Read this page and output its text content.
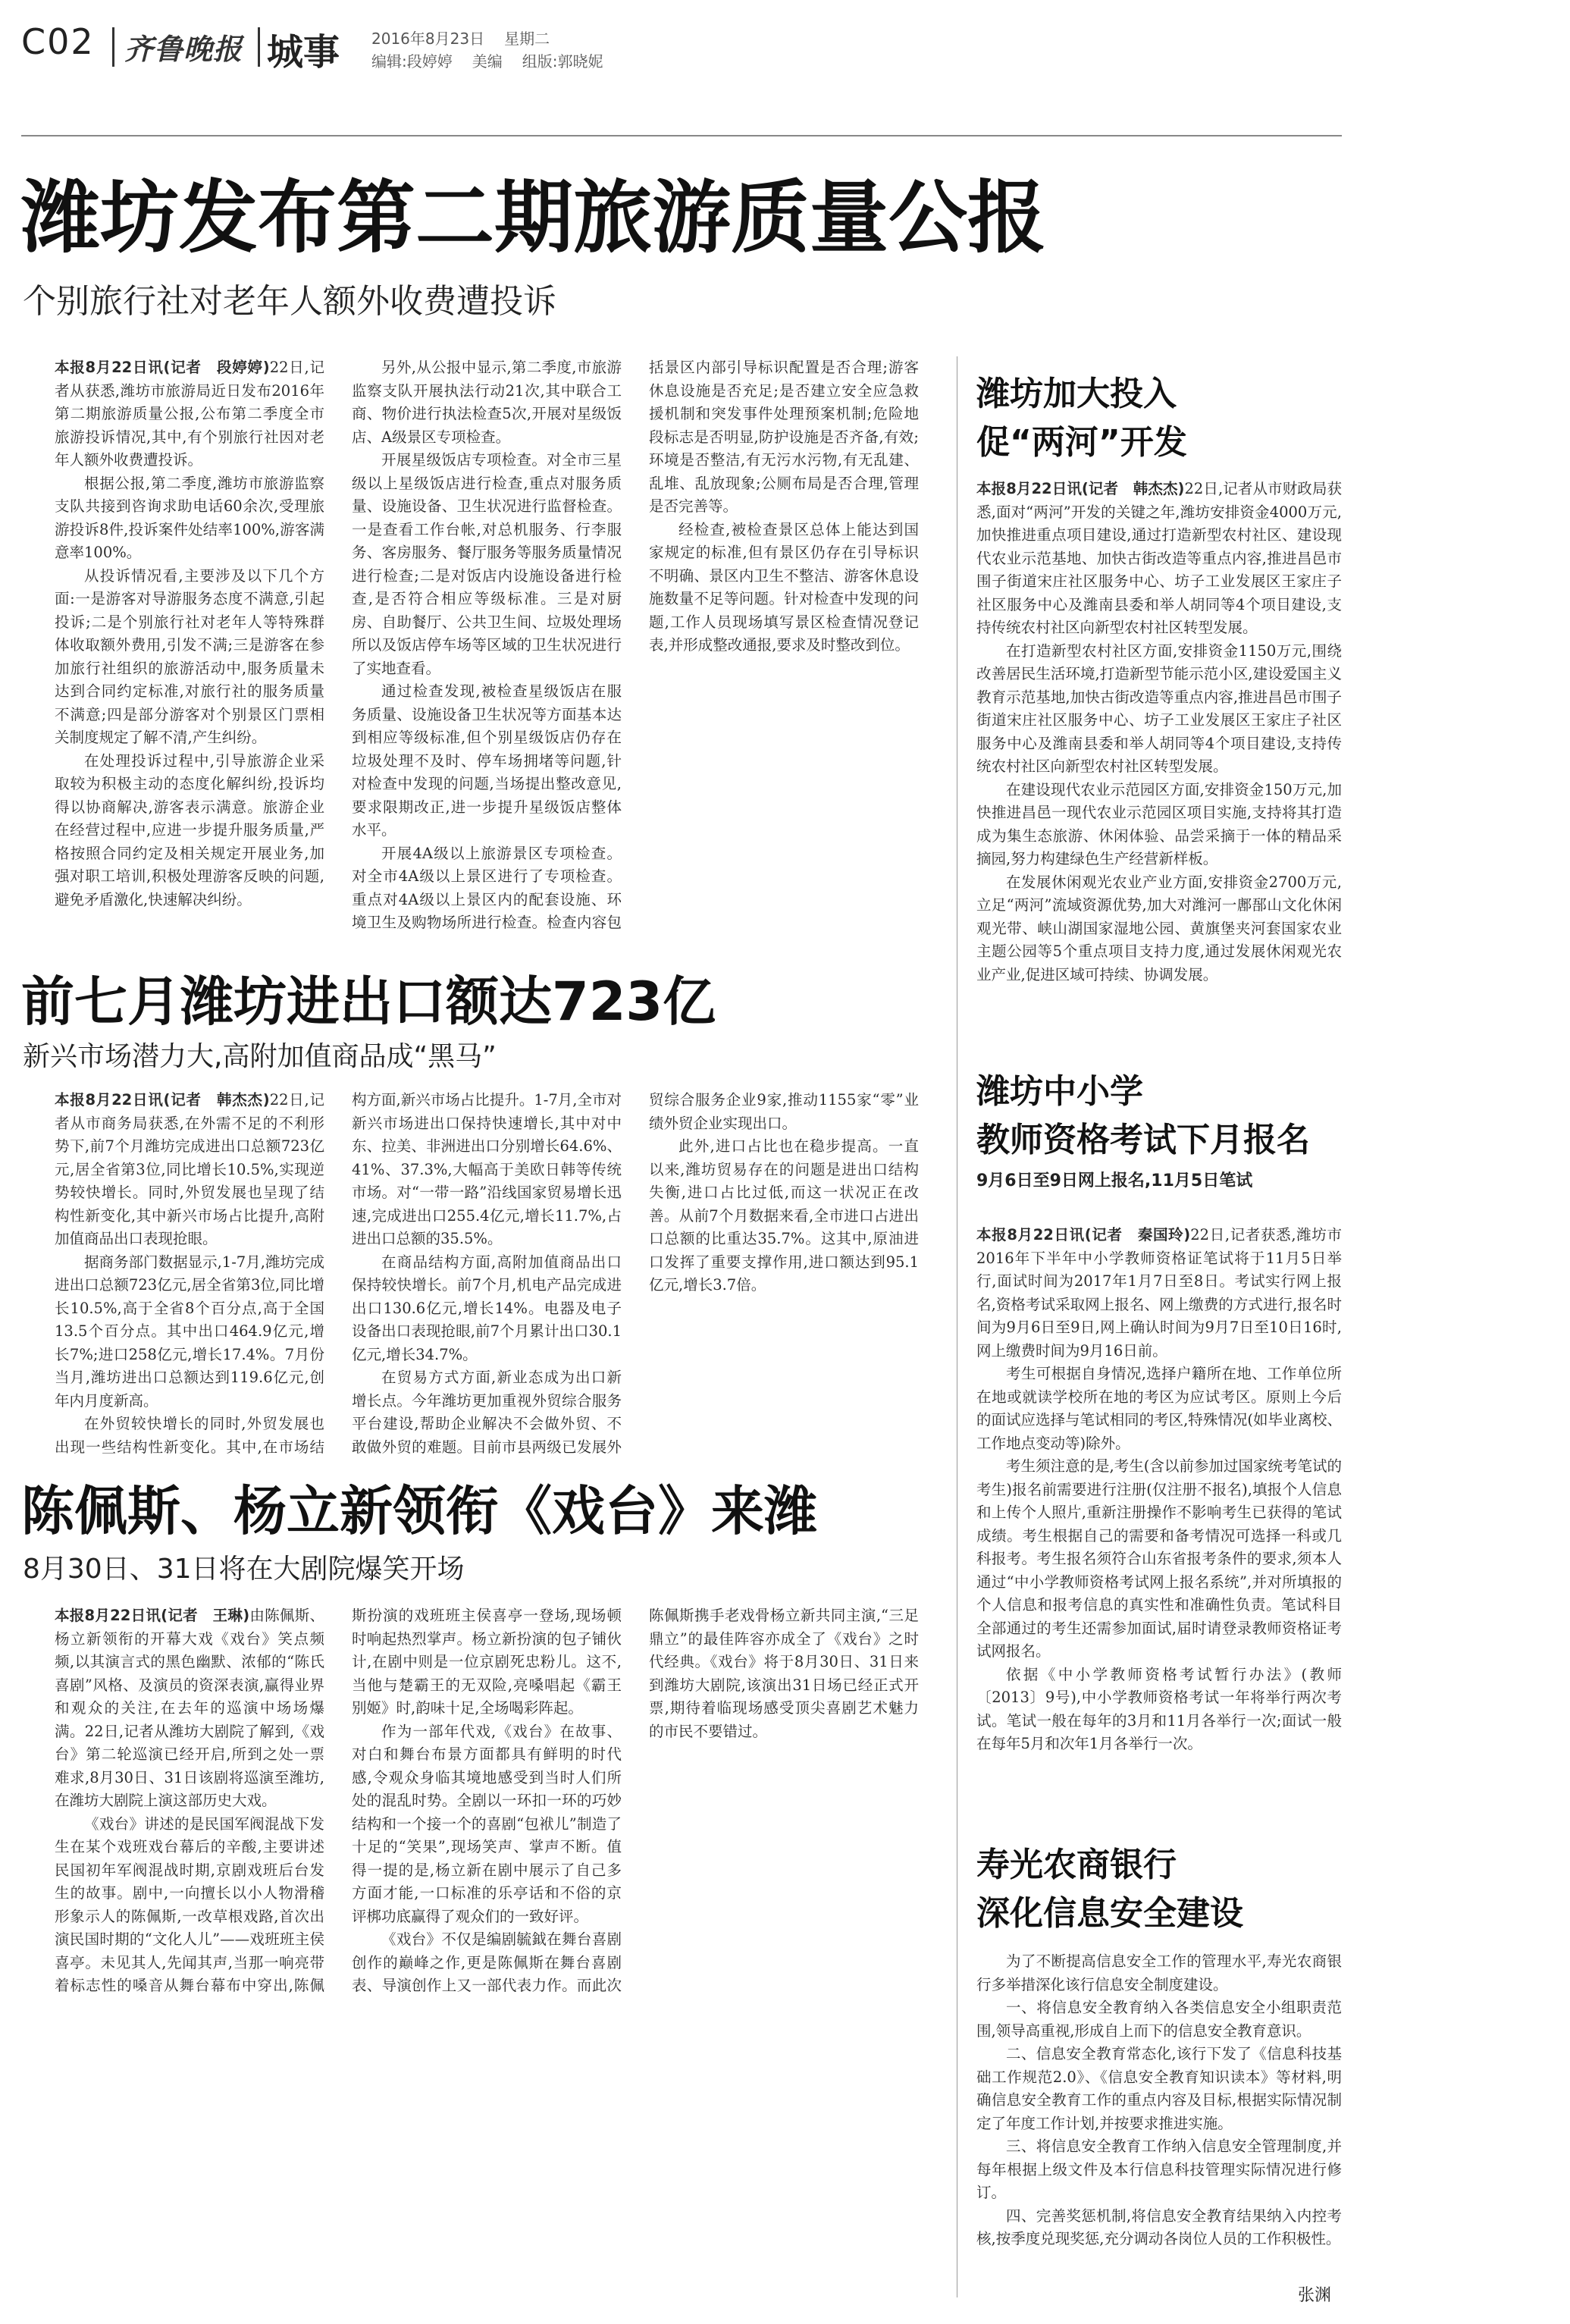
C02 齐鲁晚报 城事 2016年8月23日 星期二
编辑:段婷婷 美编 组版:郭晓妮
潍坊发布第二期旅游质量公报
个别旅行社对老年人额外收费遭投诉

本报8月22日讯(记者　段婷婷)22日,记者从获悉,潍坊市旅游局近日发布2016年第二期旅游质量公报,公布第二季度全市旅游投诉情况,其中,有个别旅行社因对老年人额外收费遭投诉。

根据公报,第二季度,潍坊市旅游监察支队共接到咨询求助电话60余次,受理旅游投诉8件,投诉案件处结率100%,游客满意率100%。

从投诉情况看,主要涉及以下几个方面:一是游客对导游服务态度不满意,引起投诉;二是个别旅行社对老年人等特殊群体收取额外费用,引发不满;三是游客在参加旅行社组织的旅游活动中,服务质量未达到合同约定标准,对旅行社的服务质量不满意;四是部分游客对个别景区门票相关制度规定了解不清,产生纠纷。

在处理投诉过程中,引导旅游企业采取较为积极主动的态度化解纠纷,投诉均得以协商解决,游客表示满意。旅游企业在经营过程中,应进一步提升服务质量,严格按照合同约定及相关规定开展业务,加强对职工培训,积极处理游客反映的问题,避免矛盾激化,快速解决纠纷。

另外,从公报中显示,第二季度,市旅游监察支队开展执法行动21次,其中联合工商、物价进行执法检查5次,开展对星级饭店、A级景区专项检查。

开展星级饭店专项检查。对全市三星级以上星级饭店进行检查,重点对服务质量、设施设备、卫生状况进行监督检查。一是查看工作台帐,对总机服务、行李服务、客房服务、餐厅服务等服务质量情况进行检查;二是对饭店内设施设备进行检查,是否符合相应等级标准。三是对厨房、自助餐厅、公共卫生间、垃圾处理场所以及饭店停车场等区域的卫生状况进行了实地查看。

通过检查发现,被检查星级饭店在服务质量、设施设备卫生状况等方面基本达到相应等级标准,但个别星级饭店仍存在垃圾处理不及时、停车场拥堵等问题,针对检查中发现的问题,当场提出整改意见,要求限期改正,进一步提升星级饭店整体水平。

开展4A级以上旅游景区专项检查。对全市4A级以上景区进行了专项检查。重点对4A级以上景区内的配套设施、环境卫生及购物场所进行检查。检查内容包括景区内部引导标识配置是否合理;游客休息设施是否充足;是否建立安全应急救援机制和突发事件处理预案机制;危险地段标志是否明显,防护设施是否齐备,有效;环境是否整洁,有无污水污物,有无乱建、乱堆、乱放现象;公厕布局是否合理,管理是否完善等。

经检查,被检查景区总体上能达到国家规定的标准,但有景区仍存在引导标识不明确、景区内卫生不整洁、游客休息设施数量不足等问题。针对检查中发现的问题,工作人员现场填写景区检查情况登记表,并形成整改通报,要求及时整改到位。

前七月潍坊进出口额达723亿
新兴市场潜力大,高附加值商品成“黑马”

本报8月22日讯(记者　韩杰杰)22日,记者从市商务局获悉,在外需不足的不利形势下,前7个月潍坊完成进出口总额723亿元,居全省第3位,同比增长10.5%,实现逆势较快增长。同时,外贸发展也呈现了结构性新变化,其中新兴市场占比提升,高附加值商品出口表现抢眼。

据商务部门数据显示,1-7月,潍坊完成进出口总额723亿元,居全省第3位,同比增长10.5%,高于全省8个百分点,高于全国13.5个百分点。其中出口464.9亿元,增长7%;进口258亿元,增长17.4%。7月份当月,潍坊进出口总额达到119.6亿元,创年内月度新高。

在外贸较快增长的同时,外贸发展也出现一些结构性新变化。其中,在市场结构方面,新兴市场占比提升。1-7月,全市对新兴市场进出口保持快速增长,其中对中东、拉美、非洲进出口分别增长64.6%、41%、37.3%,大幅高于美欧日韩等传统市场。对“一带一路”沿线国家贸易增长迅速,完成进出口255.4亿元,增长11.7%,占进出口总额的35.5%。

在商品结构方面,高附加值商品出口保持较快增长。前7个月,机电产品完成进出口130.6亿元,增长14%。电器及电子设备出口表现抢眼,前7个月累计出口30.1亿元,增长34.7%。

在贸易方式方面,新业态成为出口新增长点。今年潍坊更加重视外贸综合服务平台建设,帮助企业解决不会做外贸、不敢做外贸的难题。目前市县两级已发展外贸综合服务企业9家,推动1155家“零”业绩外贸企业实现出口。

此外,进口占比也在稳步提高。一直以来,潍坊贸易存在的问题是进出口结构失衡,进口占比过低,而这一状况正在改善。从前7个月数据来看,全市进口占进出口总额的比重达35.7%。这其中,原油进口发挥了重要支撑作用,进口额达到95.1亿元,增长3.7倍。

陈佩斯、杨立新领衔《戏台》来潍
8月30日、31日将在大剧院爆笑开场

本报8月22日讯(记者　王琳)由陈佩斯、杨立新领衔的开幕大戏《戏台》笑点频频,以其演言式的黑色幽默、浓郁的“陈氏喜剧”风格、及演员的资深表演,赢得业界和观众的关注,在去年的巡演中场场爆满。22日,记者从潍坊大剧院了解到,《戏台》第二轮巡演已经开启,所到之处一票难求,8月30日、31日该剧将巡演至潍坊,在潍坊大剧院上演这部历史大戏。

《戏台》讲述的是民国军阀混战下发生在某个戏班戏台幕后的辛酸,主要讲述民国初年军阀混战时期,京剧戏班后台发生的故事。剧中,一向擅长以小人物滑稽形象示人的陈佩斯,一改草根戏路,首次出演民国时期的“文化人儿”——戏班班主侯喜亭。未见其人,先闻其声,当那一响亮带着标志性的嗓音从舞台幕布中穿出,陈佩斯扮演的戏班班主侯喜亭一登场,现场顿时响起热烈掌声。杨立新扮演的包子铺伙计,在剧中则是一位京剧死忠粉儿。这不,当他与楚霸王的无双险,亮嗓唱起《霸王别姬》时,韵味十足,全场喝彩阵起。

作为一部年代戏,《戏台》在故事、对白和舞台布景方面都具有鲜明的时代感,令观众身临其境地感受到当时人们所处的混乱时势。全剧以一环扣一环的巧妙结构和一个接一个的喜剧“包袱儿”制造了十足的“笑果”,现场笑声、掌声不断。值得一提的是,杨立新在剧中展示了自己多方面才能,一口标准的乐亭话和不俗的京评梆功底赢得了观众们的一致好评。

《戏台》不仅是编剧毓鉞在舞台喜剧创作的巅峰之作,更是陈佩斯在舞台喜剧表、导演创作上又一部代表力作。而此次陈佩斯携手老戏骨杨立新共同主演,“三足鼎立”的最佳阵容亦成全了《戏台》之时代经典。《戏台》将于8月30日、31日来到潍坊大剧院,该演出31日场已经正式开票,期待着临现场感受顶尖喜剧艺术魅力的市民不要错过。

潍坊加大投入
促“两河”开发

本报8月22日讯(记者　韩杰杰)22日,记者从市财政局获悉,面对“两河”开发的关键之年,潍坊安排资金4000万元,加快推进重点项目建设,通过打造新型农村社区、建设现代农业示范基地、加快古街改造等重点内容,推进昌邑市围子街道宋庄社区服务中心、坊子工业发展区王家庄子社区服务中心及潍南县委和举人胡同等4个项目建设,支持传统农村社区向新型农村社区转型发展。

在打造新型农村社区方面,安排资金1150万元,围绕改善居民生活环境,打造新型节能示范小区,建设爱国主义教育示范基地,加快古街改造等重点内容,推进昌邑市围子街道宋庄社区服务中心、坊子工业发展区王家庄子社区服务中心及潍南县委和举人胡同等4个项目建设,支持传统农村社区向新型农村社区转型发展。

在建设现代农业示范园区方面,安排资金150万元,加快推进昌邑一现代农业示范园区项目实施,支持将其打造成为集生态旅游、休闲体验、品尝采摘于一体的精品采摘园,努力构建绿色生产经营新样板。

在发展休闲观光农业产业方面,安排资金2700万元,立足“两河”流域资源优势,加大对潍河一鄌郚山文化休闲观光带、峡山湖国家湿地公园、黄旗堡夹河套国家农业主题公园等5个重点项目支持力度,通过发展休闲观光农业产业,促进区域可持续、协调发展。

潍坊中小学
教师资格考试下月报名
9月6日至9日网上报名,11月5日笔试

本报8月22日讯(记者　秦国玲)22日,记者获悉,潍坊市2016年下半年中小学教师资格证笔试将于11月5日举行,面试时间为2017年1月7日至8日。考试实行网上报名,资格考试采取网上报名、网上缴费的方式进行,报名时间为9月6日至9日,网上确认时间为9月7日至10日16时,网上缴费时间为9月16日前。

考生可根据自身情况,选择户籍所在地、工作单位所在地或就读学校所在地的考区为应试考区。原则上今后的面试应选择与笔试相同的考区,特殊情况(如毕业离校、工作地点变动等)除外。

考生须注意的是,考生(含以前参加过国家统考笔试的考生)报名前需要进行注册(仅注册不报名),填报个人信息和上传个人照片,重新注册操作不影响考生已获得的笔试成绩。考生根据自己的需要和备考情况可选择一科或几科报考。考生报名须符合山东省报考条件的要求,须本人通过“中小学教师资格考试网上报名系统”,并对所填报的个人信息和报考信息的真实性和准确性负责。笔试科目全部通过的考生还需参加面试,届时请登录教师资格证考试网报名。

依据《中小学教师资格考试暂行办法》(教师〔2013〕9号),中小学教师资格考试一年将举行两次考试。笔试一般在每年的3月和11月各举行一次;面试一般在每年5月和次年1月各举行一次。

寿光农商银行
深化信息安全建设

为了不断提高信息安全工作的管理水平,寿光农商银行多举措深化该行信息安全制度建设。

一、将信息安全教育纳入各类信息安全小组职责范围,领导高重视,形成自上而下的信息安全教育意识。

二、信息安全教育常态化,该行下发了《信息科技基础工作规范2.0》、《信息安全教育知识读本》等材料,明确信息安全教育工作的重点内容及目标,根据实际情况制定了年度工作计划,并按要求推进实施。

三、将信息安全教育工作纳入信息安全管理制度,并每年根据上级文件及本行信息科技管理实际情况进行修订。

四、完善奖惩机制,将信息安全教育结果纳入内控考核,按季度兑现奖惩,充分调动各岗位人员的工作积极性。

张渊
